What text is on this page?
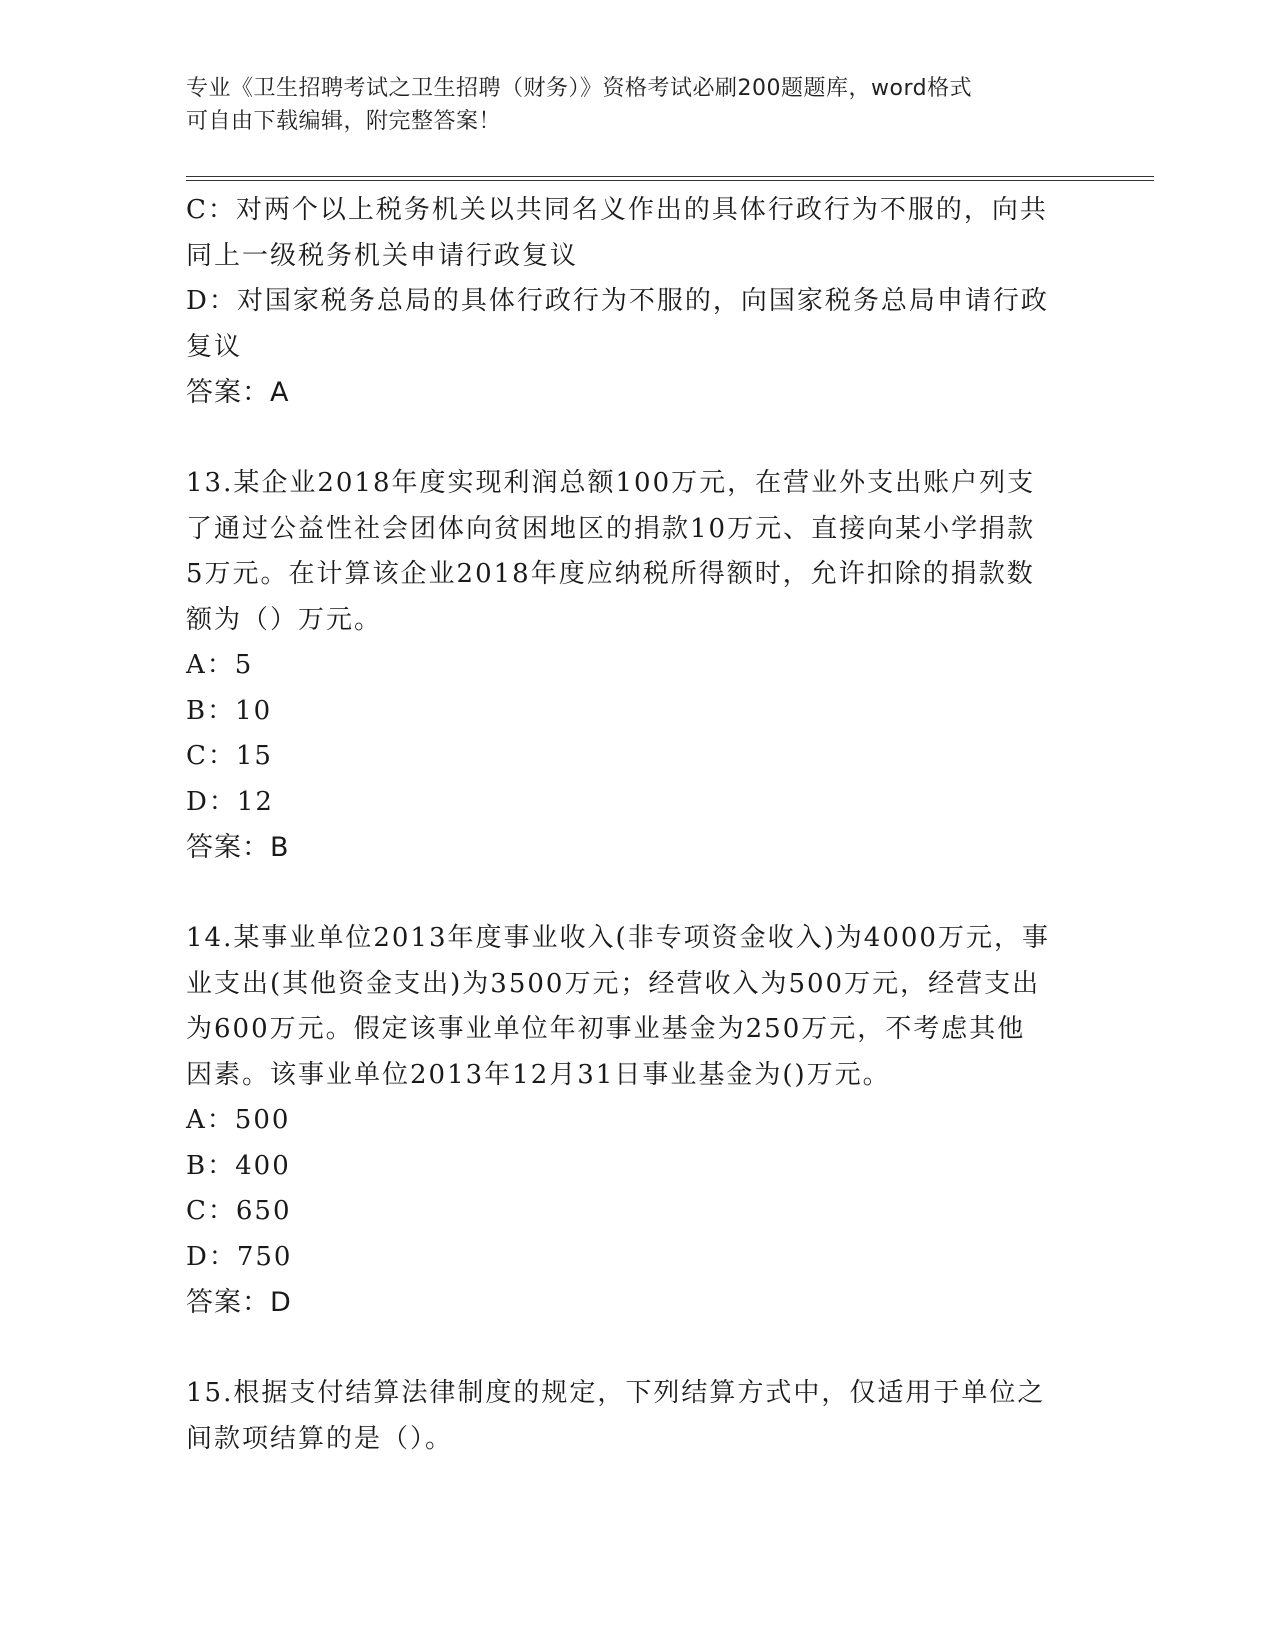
专业《卫生招聘考试之卫生招聘（财务）》资格考试必刷200题题库，word格式
可自由下载编辑，附完整答案！
C：对两个以上税务机关以共同名义作出的具体行政行为不服的，向共
同上一级税务机关申请行政复议
D：对国家税务总局的具体行政行为不服的，向国家税务总局申请行政
复议
答案：A
13.某企业2018年度实现利润总额100万元，在营业外支出账户列支
了通过公益性社会团体向贫困地区的捐款10万元、直接向某小学捐款
5万元。在计算该企业2018年度应纳税所得额时，允许扣除的捐款数
额为（）万元。
A：5
B：10
C：15
D：12
答案：B
14.某事业单位2013年度事业收入(非专项资金收入)为4000万元，事
业支出(其他资金支出)为3500万元；经营收入为500万元，经营支出
为600万元。假定该事业单位年初事业基金为250万元，不考虑其他
因素。该事业单位2013年12月31日事业基金为()万元。
A：500
B：400
C：650
D：750
答案：D
15.根据支付结算法律制度的规定，下列结算方式中，仅适用于单位之
间款项结算的是（）。
